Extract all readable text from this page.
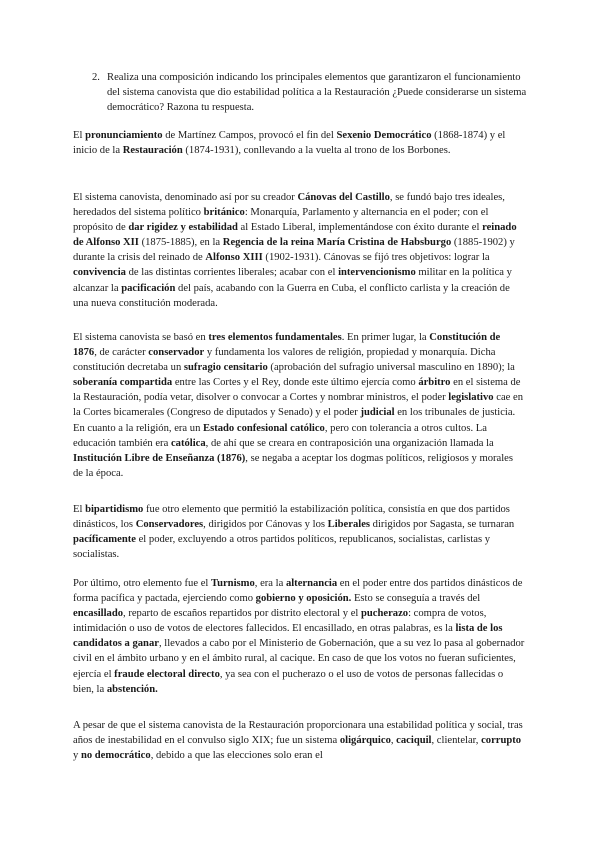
2. Realiza una composición indicando los principales elementos que garantizaron el funcionamiento del sistema canovista que dio estabilidad política a la Restauración ¿Puede considerarse un sistema democrático? Razona tu respuesta.

El pronunciamiento de Martínez Campos, provocó el fin del Sexenio Democrático (1868-1874) y el inicio de la Restauración (1874-1931), conllevando a la vuelta al trono de los Borbones.

El sistema canovista, denominado así por su creador Cánovas del Castillo, se fundó bajo tres ideales, heredados del sistema político británico: Monarquía, Parlamento y alternancia en el poder; con el propósito de dar rigidez y estabilidad al Estado Liberal, implementándose con éxito durante el reinado de Alfonso XII (1875-1885), en la Regencia de la reina María Cristina de Habsburgo (1885-1902) y durante la crisis del reinado de Alfonso XIII (1902-1931). Cánovas se fijó tres objetivos: lograr la convivencia de las distintas corrientes liberales; acabar con el intervencionismo militar en la política y alcanzar la pacificación del país, acabando con la Guerra en Cuba, el conflicto carlista y la creación de una nueva constitución moderada.

El sistema canovista se basó en tres elementos fundamentales. En primer lugar, la Constitución de 1876, de carácter conservador y fundamenta los valores de religión, propiedad y monarquía. Dicha constitución decretaba un sufragio censitario (aprobación del sufragio universal masculino en 1890); la soberanía compartida entre las Cortes y el Rey, donde este último ejercía como árbitro en el sistema de la Restauración, podía vetar, disolver o convocar a Cortes y nombrar ministros, el poder legislativo cae en la Cortes bicamerales (Congreso de diputados y Senado) y el poder judicial en los tribunales de justicia. En cuanto a la religión, era un Estado confesional católico, pero con tolerancia a otros cultos. La educación también era católica, de ahí que se creara en contraposición una organización llamada la Institución Libre de Enseñanza (1876), se negaba a aceptar los dogmas políticos, religiosos y morales de la época.

El bipartidismo fue otro elemento que permitió la estabilización política, consistía en que dos partidos dinásticos, los Conservadores, dirigidos por Cánovas y los Liberales dirigidos por Sagasta, se turnaran pacíficamente el poder, excluyendo a otros partidos políticos, republicanos, socialistas, carlistas y socialistas.

Por último, otro elemento fue el Turnismo, era la alternancia en el poder entre dos partidos dinásticos de forma pacífica y pactada, ejerciendo como gobierno y oposición. Esto se conseguía a través del encasillado, reparto de escaños repartidos por distrito electoral y el pucherazo: compra de votos, intimidación o uso de votos de electores fallecidos. El encasillado, en otras palabras, es la lista de los candidatos a ganar, llevados a cabo por el Ministerio de Gobernación, que a su vez lo pasa al gobernador civil en el ámbito urbano y en el ámbito rural, al cacique. En caso de que los votos no fueran suficientes, ejercía el fraude electoral directo, ya sea con el pucherazo o el uso de votos de personas fallecidas o bien, la abstención.

A pesar de que el sistema canovista de la Restauración proporcionara una estabilidad política y social, tras años de inestabilidad en el convulso siglo XIX; fue un sistema oligárquico, caciquil, clientelar, corrupto y no democrático, debido a que las elecciones solo eran el
